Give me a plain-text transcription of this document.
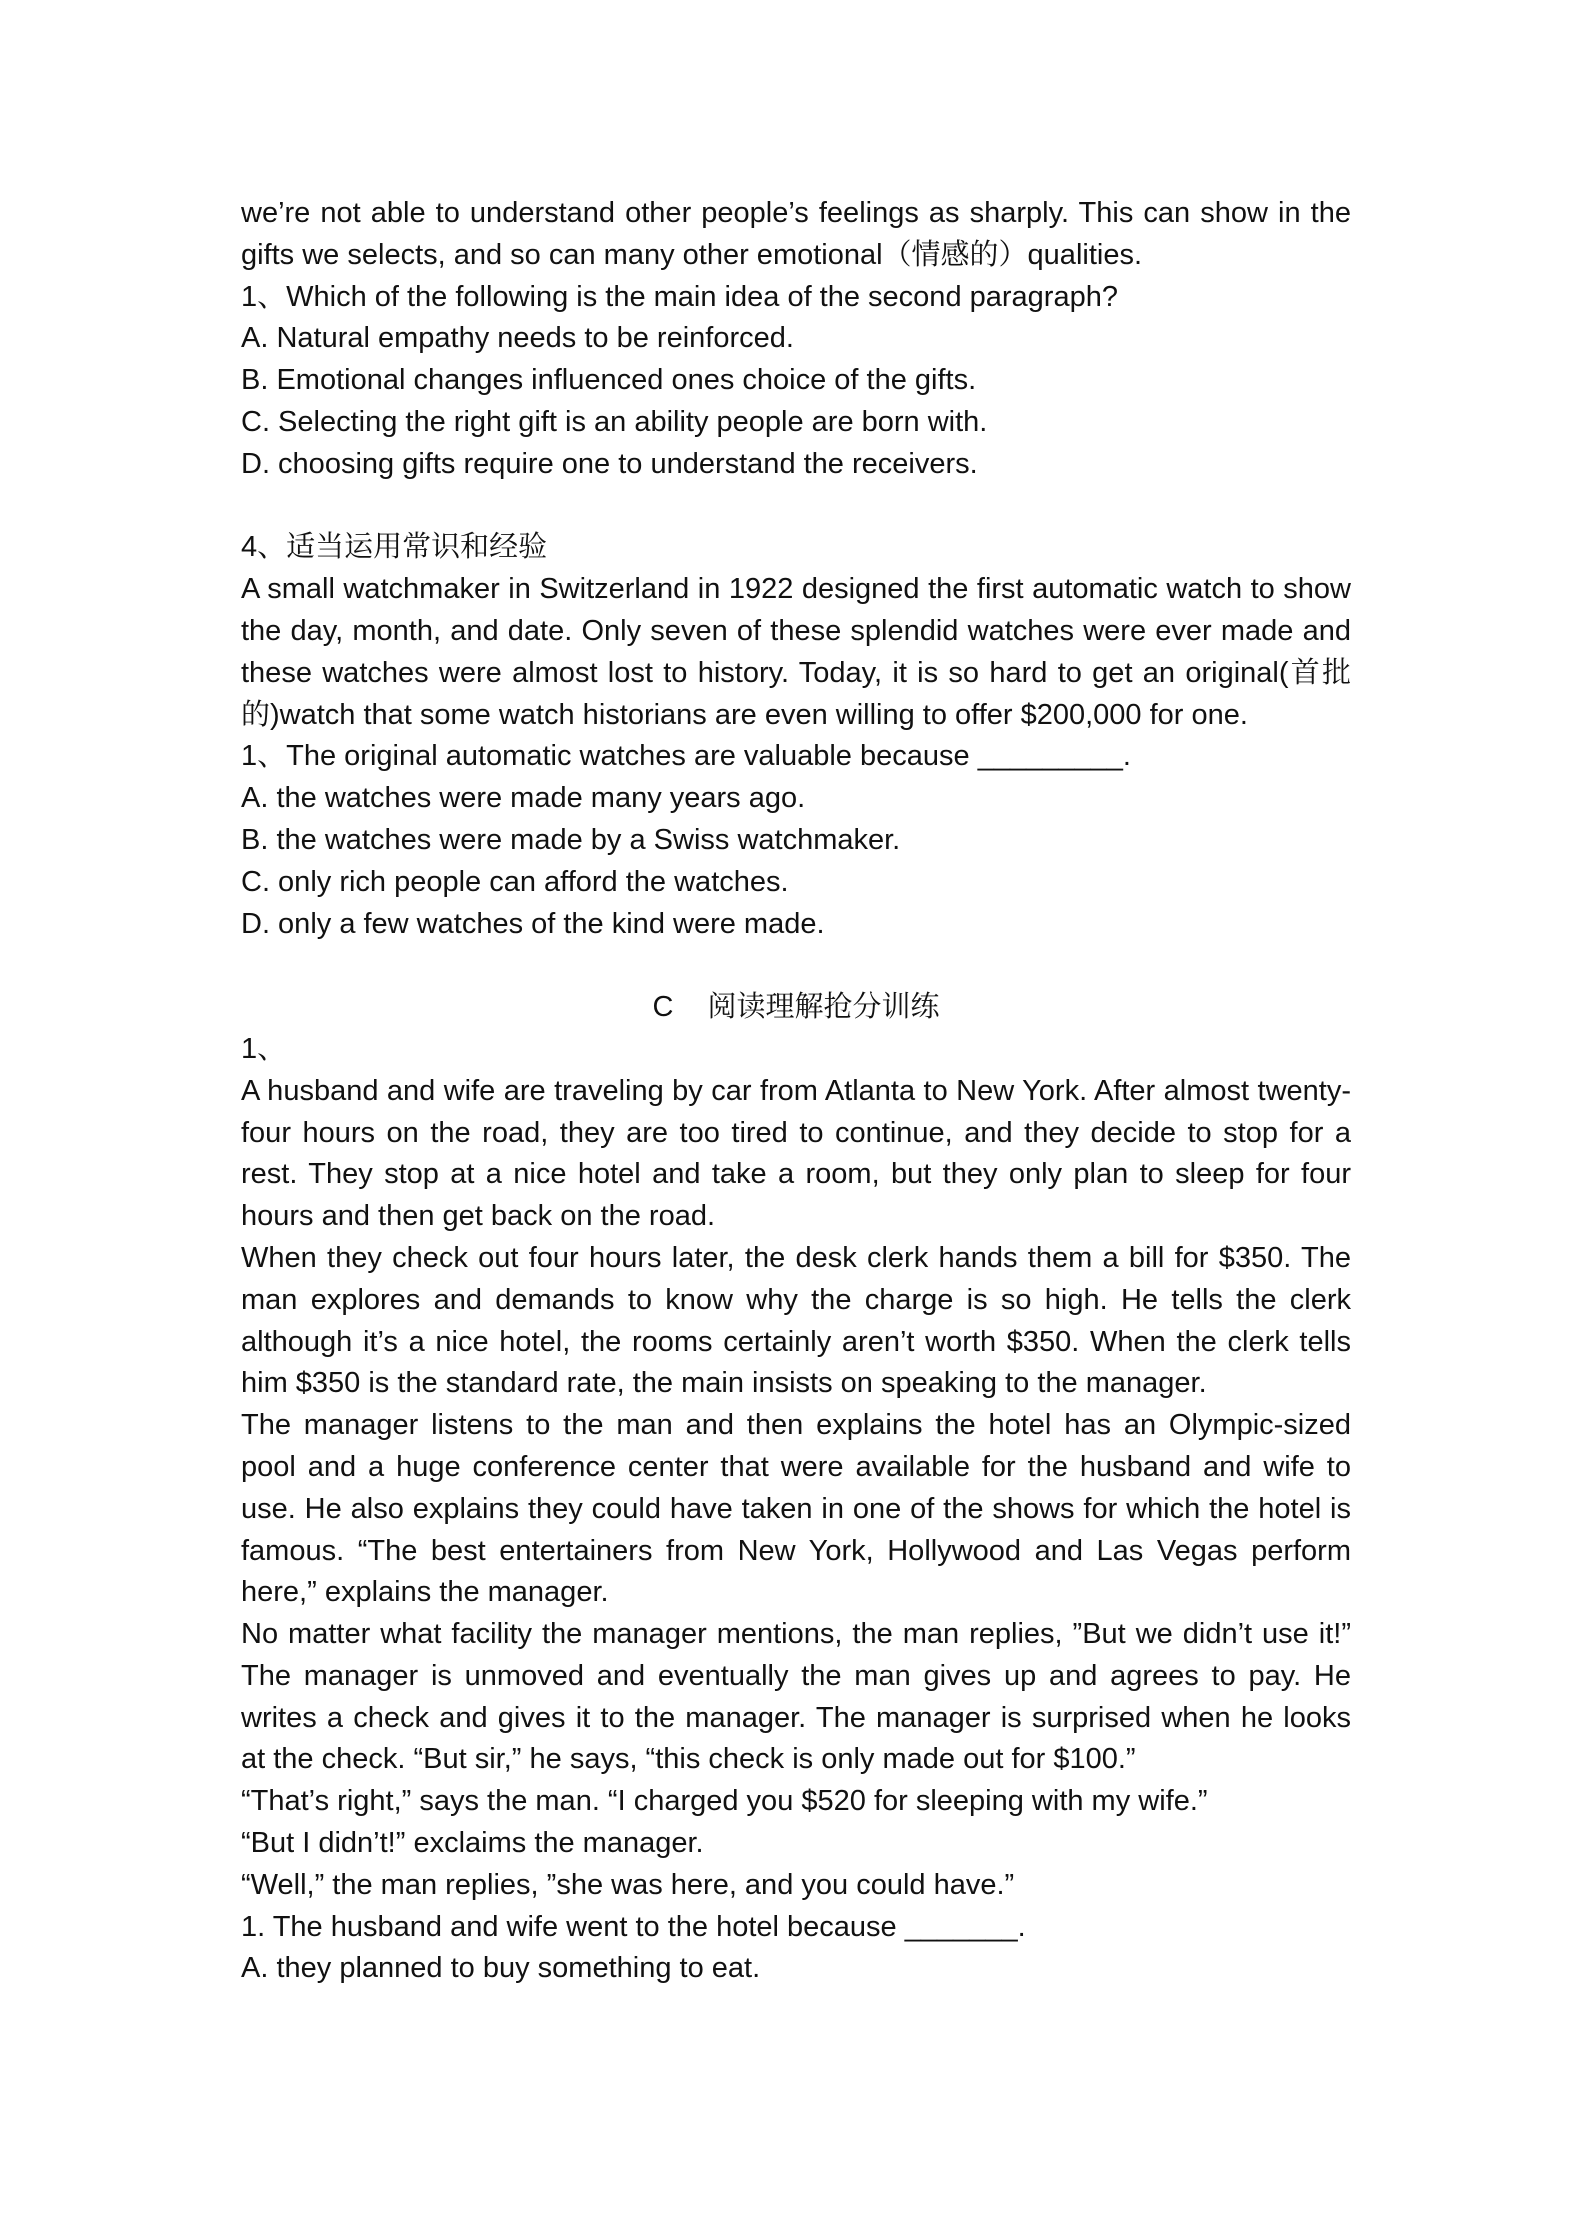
we’re not able to understand other people’s feelings as sharply. This can show in the gifts we selects, and so can many other emotional（情感的）qualities.

1、Which of the following is the main idea of the second paragraph?

A. Natural empathy needs to be reinforced.

B. Emotional changes influenced ones choice of the gifts.

C. Selecting the right gift is an ability people are born with.

D. choosing gifts require one to understand the receivers.

4、适当运用常识和经验

A small watchmaker in Switzerland in 1922 designed the first automatic watch to show the day, month, and date. Only seven of these splendid watches were ever made and these watches were almost lost to history. Today, it is so hard to get an original(首批的)watch that some watch historians are even willing to offer $200,000 for one.

1、The original automatic watches are valuable because _________.

A. the watches were made many years ago.

B. the watches were made by a Swiss watchmaker.

C. only rich people can afford the watches.

D. only a few watches of the kind were made.

C 阅读理解抢分训练

1、

A husband and wife are traveling by car from Atlanta to New York. After almost twenty-four hours on the road, they are too tired to continue, and they decide to stop for a rest. They stop at a nice hotel and take a room, but they only plan to sleep for four hours and then get back on the road.

When they check out four hours later, the desk clerk hands them a bill for $350. The man explores and demands to know why the charge is so high. He tells the clerk although it’s a nice hotel, the rooms certainly aren’t worth $350. When the clerk tells him $350 is the standard rate, the main insists on speaking to the manager.

The manager listens to the man and then explains the hotel has an Olympic-sized pool and a huge conference center that were available for the husband and wife to use. He also explains they could have taken in one of the shows for which the hotel is famous. “The best entertainers from New York, Hollywood and Las Vegas perform here,” explains the manager.

No matter what facility the manager mentions, the man replies, ”But we didn’t use it!” The manager is unmoved and eventually the man gives up and agrees to pay. He writes a check and gives it to the manager. The manager is surprised when he looks at the check. “But sir,” he says, “this check is only made out for $100.”

“That’s right,” says the man. “I charged you $520 for sleeping with my wife.”

“But I didn’t!” exclaims the manager.

“Well,” the man replies, ”she was here, and you could have.”

1. The husband and wife went to the hotel because _______.

A. they planned to buy something to eat.
